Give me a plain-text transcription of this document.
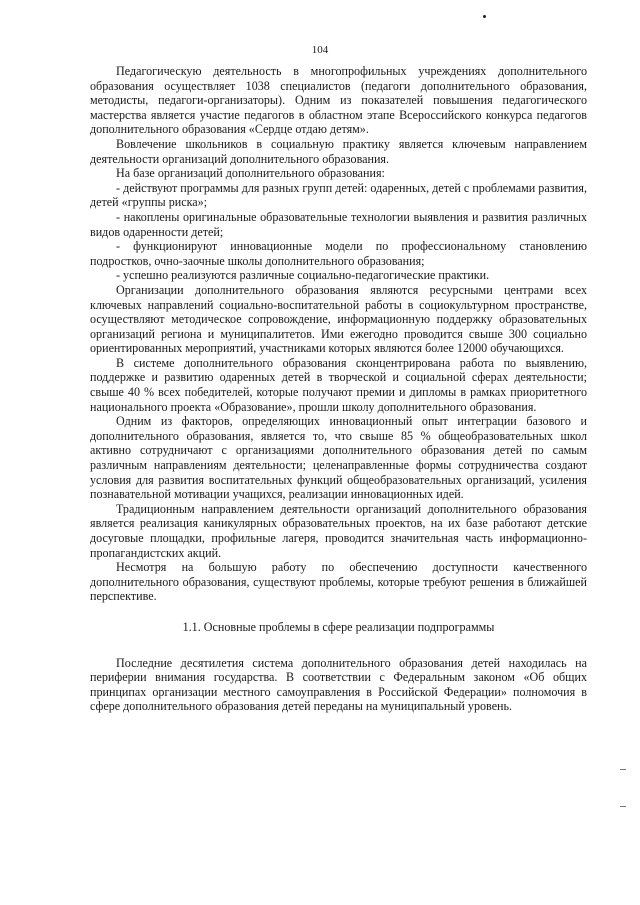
104

Педагогическую деятельность в многопрофильных учреждениях дополнительного образования осуществляет 1038 специалистов (педагоги дополнительного образования, методисты, педагоги-организаторы). Одним из показателей повышения педагогического мастерства является участие педагогов в областном этапе Всероссийского конкурса педагогов дополнительного образования «Сердце отдаю детям».

Вовлечение школьников в социальную практику является ключевым направлением деятельности организаций дополнительного образования.

На базе организаций дополнительного образования:

- действуют программы для разных групп детей: одаренных, детей с проблемами развития, детей «группы риска»;

- накоплены оригинальные образовательные технологии выявления и развития различных видов одаренности детей;

- функционируют инновационные модели по профессиональному становлению подростков, очно-заочные школы дополнительного образования;

- успешно реализуются различные социально-педагогические практики.

Организации дополнительного образования являются ресурсными центрами всех ключевых направлений социально-воспитательной работы в социокультурном пространстве, осуществляют методическое сопровождение, информационную поддержку образовательных организаций региона и муниципалитетов. Ими ежегодно проводится свыше 300 социально ориентированных мероприятий, участниками которых являются более 12000 обучающихся.

В системе дополнительного образования сконцентрирована работа по выявлению, поддержке и развитию одаренных детей в творческой и социальной сферах деятельности; свыше 40 % всех победителей, которые получают премии и дипломы в рамках приоритетного национального проекта «Образование», прошли школу дополнительного образования.

Одним из факторов, определяющих инновационный опыт интеграции базового и дополнительного образования, является то, что свыше 85 % общеобразовательных школ активно сотрудничают с организациями дополнительного образования детей по самым различным направлениям деятельности; целенаправленные формы сотрудничества создают условия для развития воспитательных функций общеобразовательных организаций, усиления познавательной мотивации учащихся, реализации инновационных идей.

Традиционным направлением деятельности организаций дополнительного образования является реализация каникулярных образовательных проектов, на их базе работают детские досуговые площадки, профильные лагеря, проводится значительная часть информационно-пропагандистских акций.

Несмотря на большую работу по обеспечению доступности качественного дополнительного образования, существуют проблемы, которые требуют решения в ближайшей перспективе.

1.1. Основные проблемы в сфере реализации подпрограммы

Последние десятилетия система дополнительного образования детей находилась на периферии внимания государства. В соответствии с Федеральным законом «Об общих принципах организации местного самоуправления в Российской Федерации» полномочия в сфере дополнительного образования детей переданы на муниципальный уровень.
